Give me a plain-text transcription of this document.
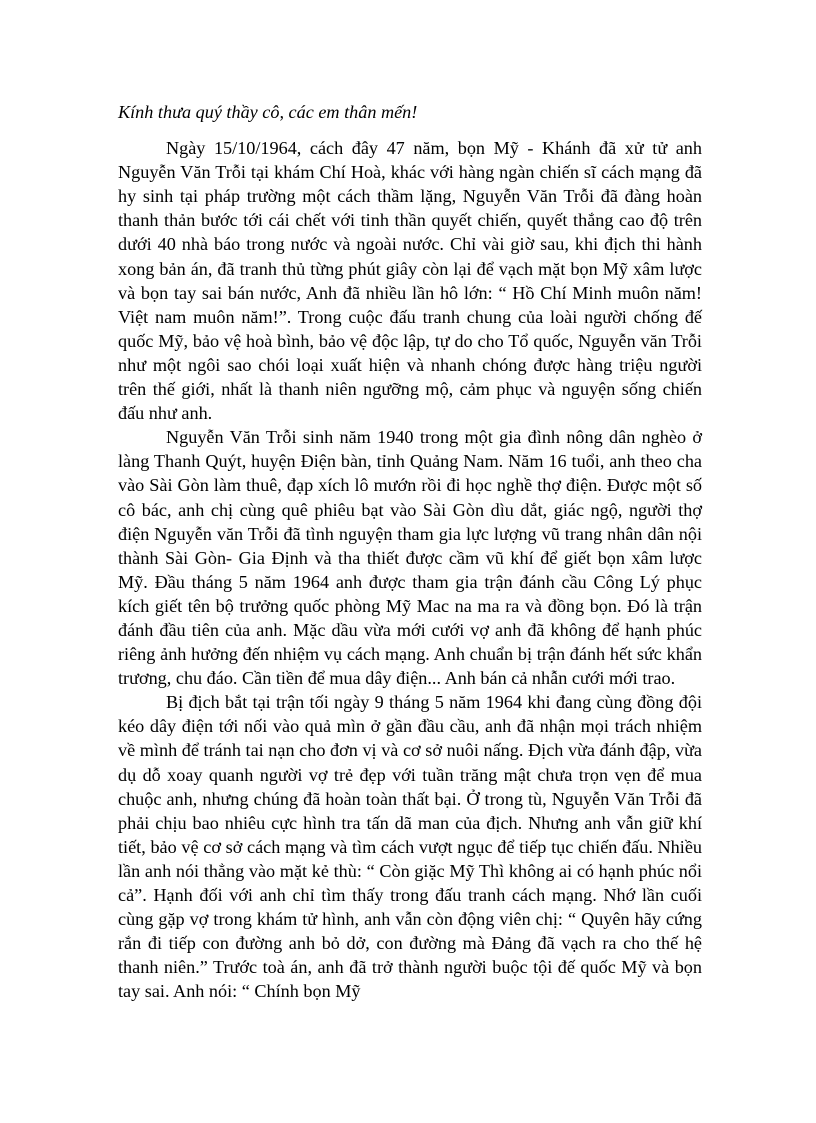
Kính thưa quý thầy cô, các em thân mến!

Ngày 15/10/1964, cách đây 47 năm, bọn Mỹ - Khánh đã xử tử anh Nguyễn Văn Trỗi tại khám Chí Hoà, khác với hàng ngàn chiến sĩ cách mạng đã hy sinh tại pháp trường một cách thầm lặng, Nguyễn Văn Trỗi đã đàng hoàn thanh thản bước tới cái chết với tinh thần quyết chiến, quyết thắng cao độ trên dưới 40 nhà báo trong nước và ngoài nước. Chỉ vài giờ sau, khi địch thi hành xong bản án, đã tranh thủ từng phút giây còn lại để vạch mặt bọn Mỹ xâm lược và bọn tay sai bán nước, Anh đã nhiều lần hô lớn: “ Hồ Chí Minh muôn năm! Việt nam muôn năm!”. Trong cuộc đấu tranh chung của loài người chống đế quốc Mỹ, bảo vệ hoà bình, bảo vệ độc lập, tự do cho Tổ quốc, Nguyễn văn Trỗi như một ngôi sao chói loại xuất hiện và nhanh chóng được hàng triệu người trên thế giới, nhất là thanh niên ngưỡng mộ, cảm phục và nguyện sống chiến đấu như anh.

Nguyễn Văn Trỗi sinh năm 1940 trong một gia đình nông dân nghèo ở làng Thanh Quýt, huyện Điện bàn, tỉnh Quảng Nam. Năm 16 tuổi, anh theo cha vào Sài Gòn làm thuê, đạp xích lô mướn rồi đi học nghề thợ điện. Được một số cô bác, anh chị cùng quê phiêu bạt vào Sài Gòn dìu dắt, giác ngộ, người thợ điện Nguyễn văn Trỗi đã tình nguyện tham gia lực lượng vũ trang nhân dân nội thành Sài Gòn- Gia Định và tha thiết được cầm vũ khí để giết bọn xâm lược Mỹ. Đầu tháng 5 năm 1964 anh được tham gia trận đánh cầu Công Lý phục kích giết tên bộ trưởng quốc phòng Mỹ Mac na ma ra và đồng bọn. Đó là trận đánh đầu tiên của anh. Mặc dầu vừa mới cưới vợ anh đã không để hạnh phúc riêng ảnh hưởng đến nhiệm vụ cách mạng. Anh chuẩn bị trận đánh hết sức khẩn trương, chu đáo. Cần tiền để mua dây điện... Anh bán cả nhẫn cưới mới trao.

Bị địch bắt tại trận tối ngày 9 tháng 5 năm 1964 khi đang cùng đồng đội kéo dây điện tới nối vào quả mìn ở gần đầu cầu, anh đã nhận mọi trách nhiệm về mình để tránh tai nạn cho đơn vị và cơ sở nuôi nấng. Địch vừa đánh đập, vừa dụ dỗ xoay quanh người vợ trẻ đẹp với tuần trăng mật chưa trọn vẹn để mua chuộc anh, nhưng chúng đã hoàn toàn thất bại. Ở trong tù, Nguyễn Văn Trỗi đã phải chịu bao nhiêu cực hình tra tấn dã man của địch. Nhưng anh vẫn giữ khí tiết, bảo vệ cơ sở cách mạng và tìm cách vượt ngục để tiếp tục chiến đấu. Nhiều lần anh nói thẳng vào mặt kẻ thù: “ Còn giặc Mỹ Thì không ai có hạnh phúc nổi cả”. Hạnh đối với anh chỉ tìm thấy trong đấu tranh cách mạng. Nhớ lần cuối cùng gặp vợ trong khám tử hình, anh vẫn còn động viên chị: “ Quyên hãy cứng rắn đi tiếp con đường anh bỏ dở, con đường mà Đảng đã vạch ra cho thế hệ thanh niên.” Trước toà án, anh đã trở thành người buộc tội đế quốc Mỹ và bọn tay sai. Anh nói: “ Chính bọn Mỹ
